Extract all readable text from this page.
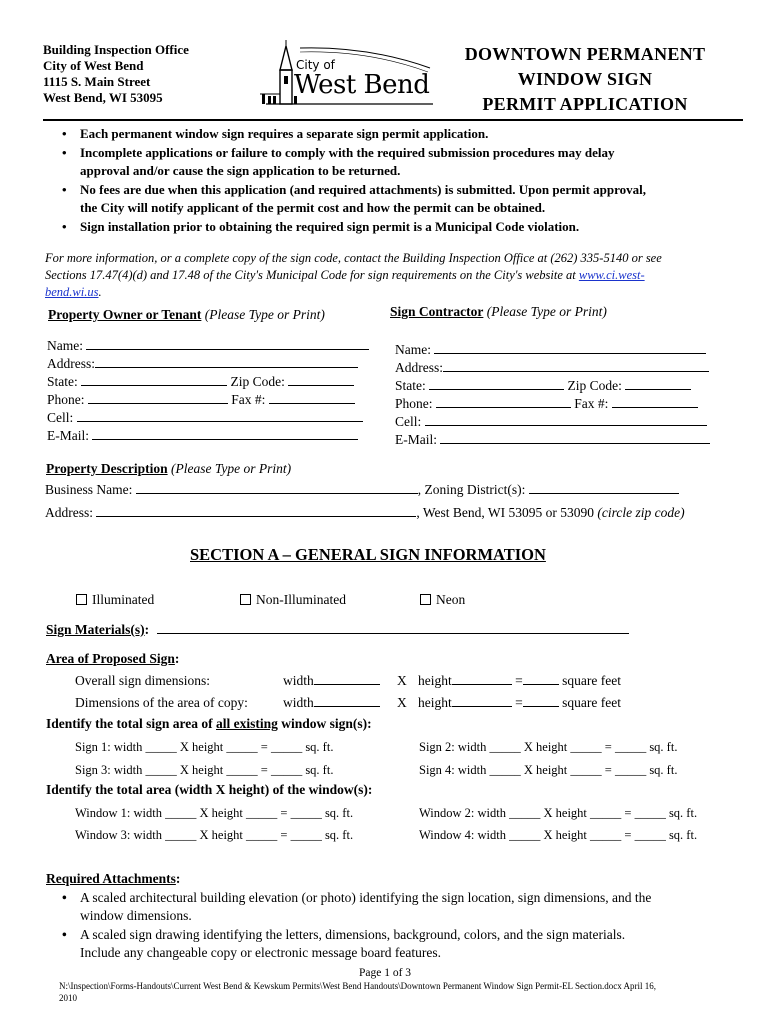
Building Inspection Office
City of West Bend
1115 S. Main Street
West Bend, WI 53095
City of
West Bend
DOWNTOWN PERMANENT
WINDOW SIGN
PERMIT APPLICATION
• Each permanent window sign requires a separate sign permit application.
• Incomplete applications or failure to comply with the required submission procedures may delay
approval and/or cause the sign application to be returned.
• No fees are due when this application (and required attachments) is submitted. Upon permit approval,
the City will notify applicant of the permit cost and how the permit can be obtained.
• Sign installation prior to obtaining the required sign permit is a Municipal Code violation.
For more information, or a complete copy of the sign code, contact the Building Inspection Office at (262) 335-5140 or see
Sections 17.47(4)(d) and 17.48 of the City's Municipal Code for sign requirements on the City's website at www.ci.west-
bend.wi.us.
Property Owner or Tenant (Please Type or Print)
Name:
Address:
State:	Zip Code:
Phone:	Fax #:
Cell:
E-Mail:
Sign Contractor (Please Type or Print)
Name:
Address:
State:	Zip Code:
Phone:	Fax #:
Cell:
E-Mail:
Property Description (Please Type or Print)
Business Name:	, Zoning District(s):
Address:	, West Bend, WI 53095 or 53090 (circle zip code)
SECTION A – GENERAL SIGN INFORMATION
Illuminated	Non-Illuminated	Neon
Sign Materials(s):
Area of Proposed Sign:
Overall sign dimensions:	width	X height	=	square feet
Dimensions of the area of copy:	width	X height	=	square feet
Identify the total sign area of all existing window sign(s):
Sign 1: width _____ X height _____ = _____ sq. ft.	Sign 2: width _____ X height _____ = _____ sq. ft.
Sign 3: width _____ X height _____ = _____ sq. ft.	Sign 4: width _____ X height _____ = _____ sq. ft.
Identify the total area (width X height) of the window(s):
Window 1: width _____ X height _____ = _____ sq. ft.	Window 2: width _____ X height _____ = _____ sq. ft.
Window 3: width _____ X height _____ = _____ sq. ft.	Window 4: width _____ X height _____ = _____ sq. ft.
Required Attachments:
• A scaled architectural building elevation (or photo) identifying the sign location, sign dimensions, and the
window dimensions.
• A scaled sign drawing identifying the letters, dimensions, background, colors, and the sign materials.
Include any changeable copy or electronic message board features.
Page 1 of 3
N:\Inspection\Forms-Handouts\Current West Bend & Kewskum Permits\West Bend Handouts\Downtown Permanent Window Sign Permit-EL Section.docx April 16,
2010
